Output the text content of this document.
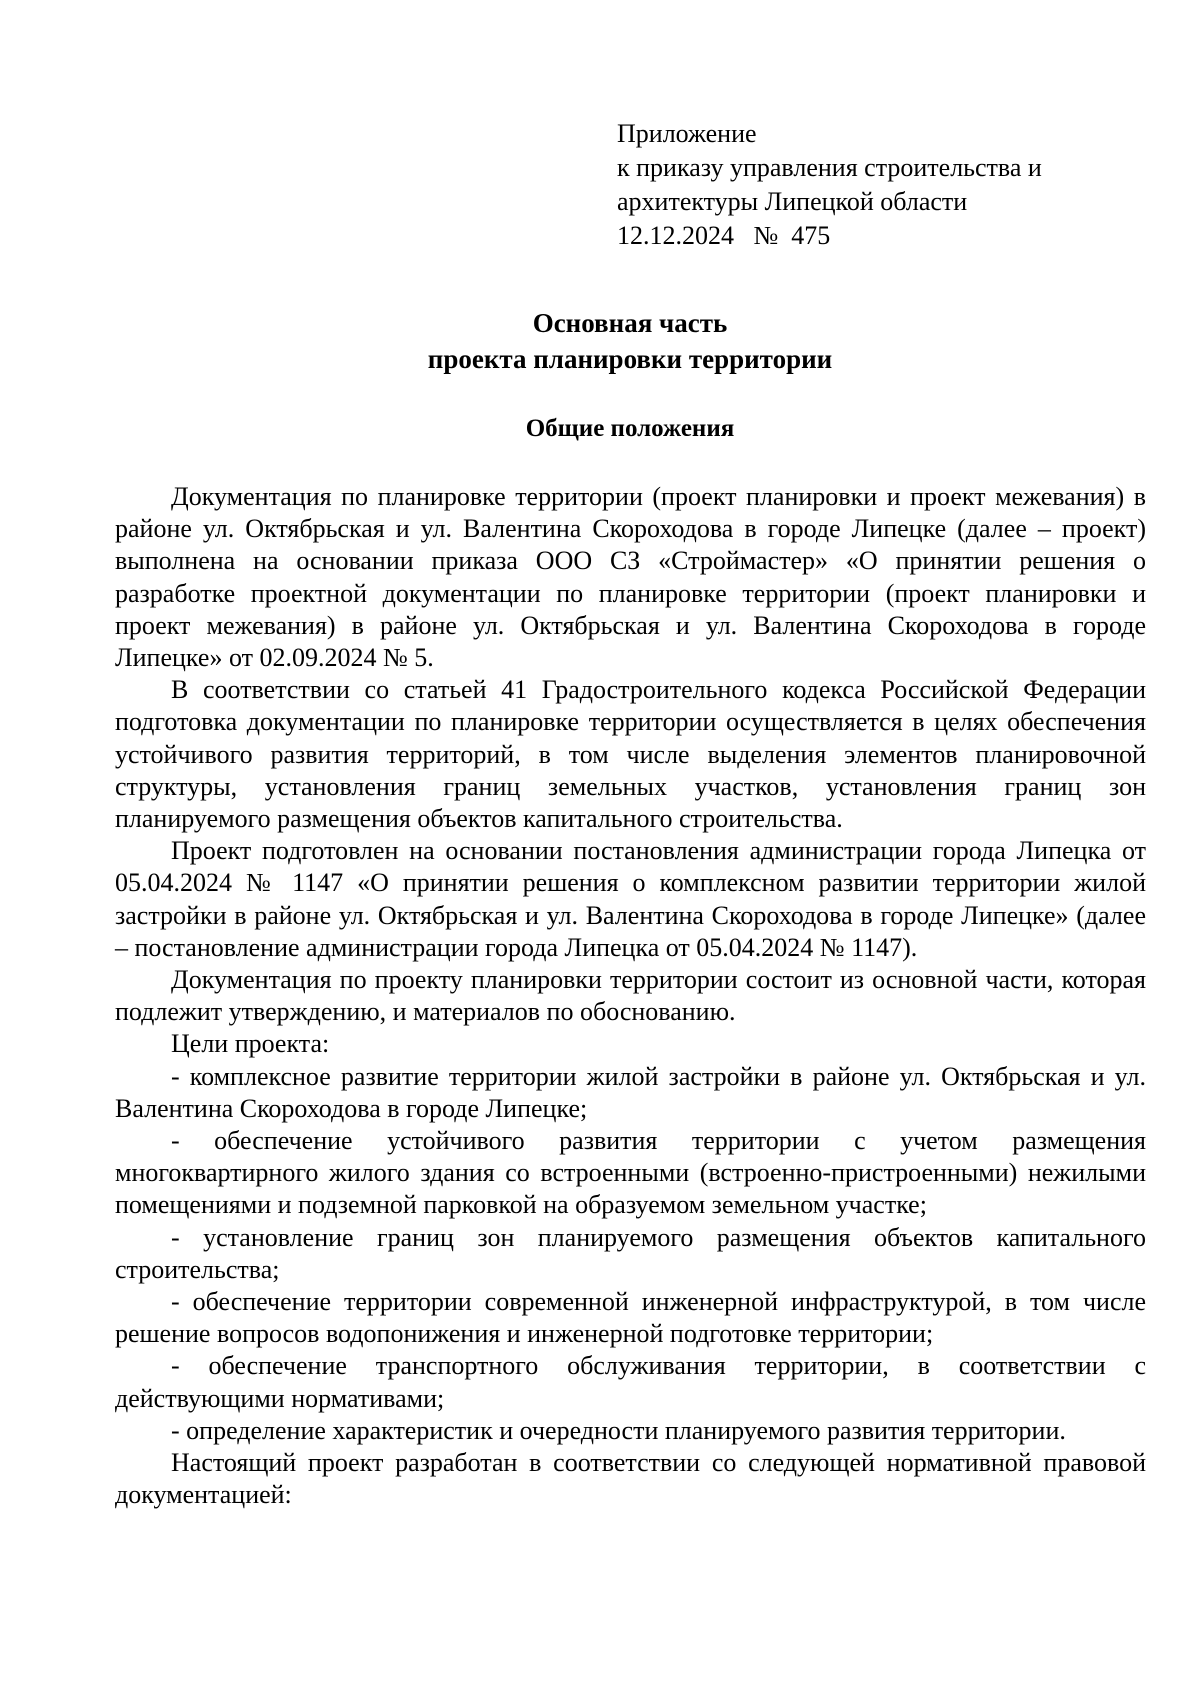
Приложение
к приказу управления строительства и
архитектуры Липецкой области
12.12.2024   №  475
Основная часть
проекта планировки территории
Общие положения

Документация по планировке территории (проект планировки и проект межевания) в районе ул. Октябрьская и ул. Валентина Скороходова в городе Липецке (далее – проект) выполнена на основании приказа ООО СЗ «Строймастер» «О принятии решения о разработке проектной документации по планировке территории (проект планировки и проект межевания) в районе ул. Октябрьская и ул. Валентина Скороходова в городе Липецке» от 02.09.2024 № 5.

В соответствии со статьей 41 Градостроительного кодекса Российской Федерации подготовка документации по планировке территории осуществляется в целях обеспечения устойчивого развития территорий, в том числе выделения элементов планировочной структуры, установления границ земельных участков, установления границ зон планируемого размещения объектов капитального строительства.

Проект подготовлен на основании постановления администрации города Липецка от 05.04.2024 № 1147 «О принятии решения о комплексном развитии территории жилой застройки в районе ул. Октябрьская и ул. Валентина Скороходова в городе Липецке» (далее – постановление администрации города Липецка от 05.04.2024 № 1147).

Документация по проекту планировки территории состоит из основной части, которая подлежит утверждению, и материалов по обоснованию.

Цели проекта:

- комплексное развитие территории жилой застройки в районе ул. Октябрьская и ул. Валентина Скороходова в городе Липецке;

- обеспечение устойчивого развития территории с учетом размещения многоквартирного жилого здания со встроенными (встроенно-пристроенными) нежилыми помещениями и подземной парковкой на образуемом земельном участке;

- установление границ зон планируемого размещения объектов капитального строительства;

- обеспечение территории современной инженерной инфраструктурой, в том числе решение вопросов водопонижения и инженерной подготовке территории;

- обеспечение транспортного обслуживания территории, в соответствии с действующими нормативами;

- определение характеристик и очередности планируемого развития территории.

Настоящий проект разработан в соответствии со следующей нормативной правовой документацией:
